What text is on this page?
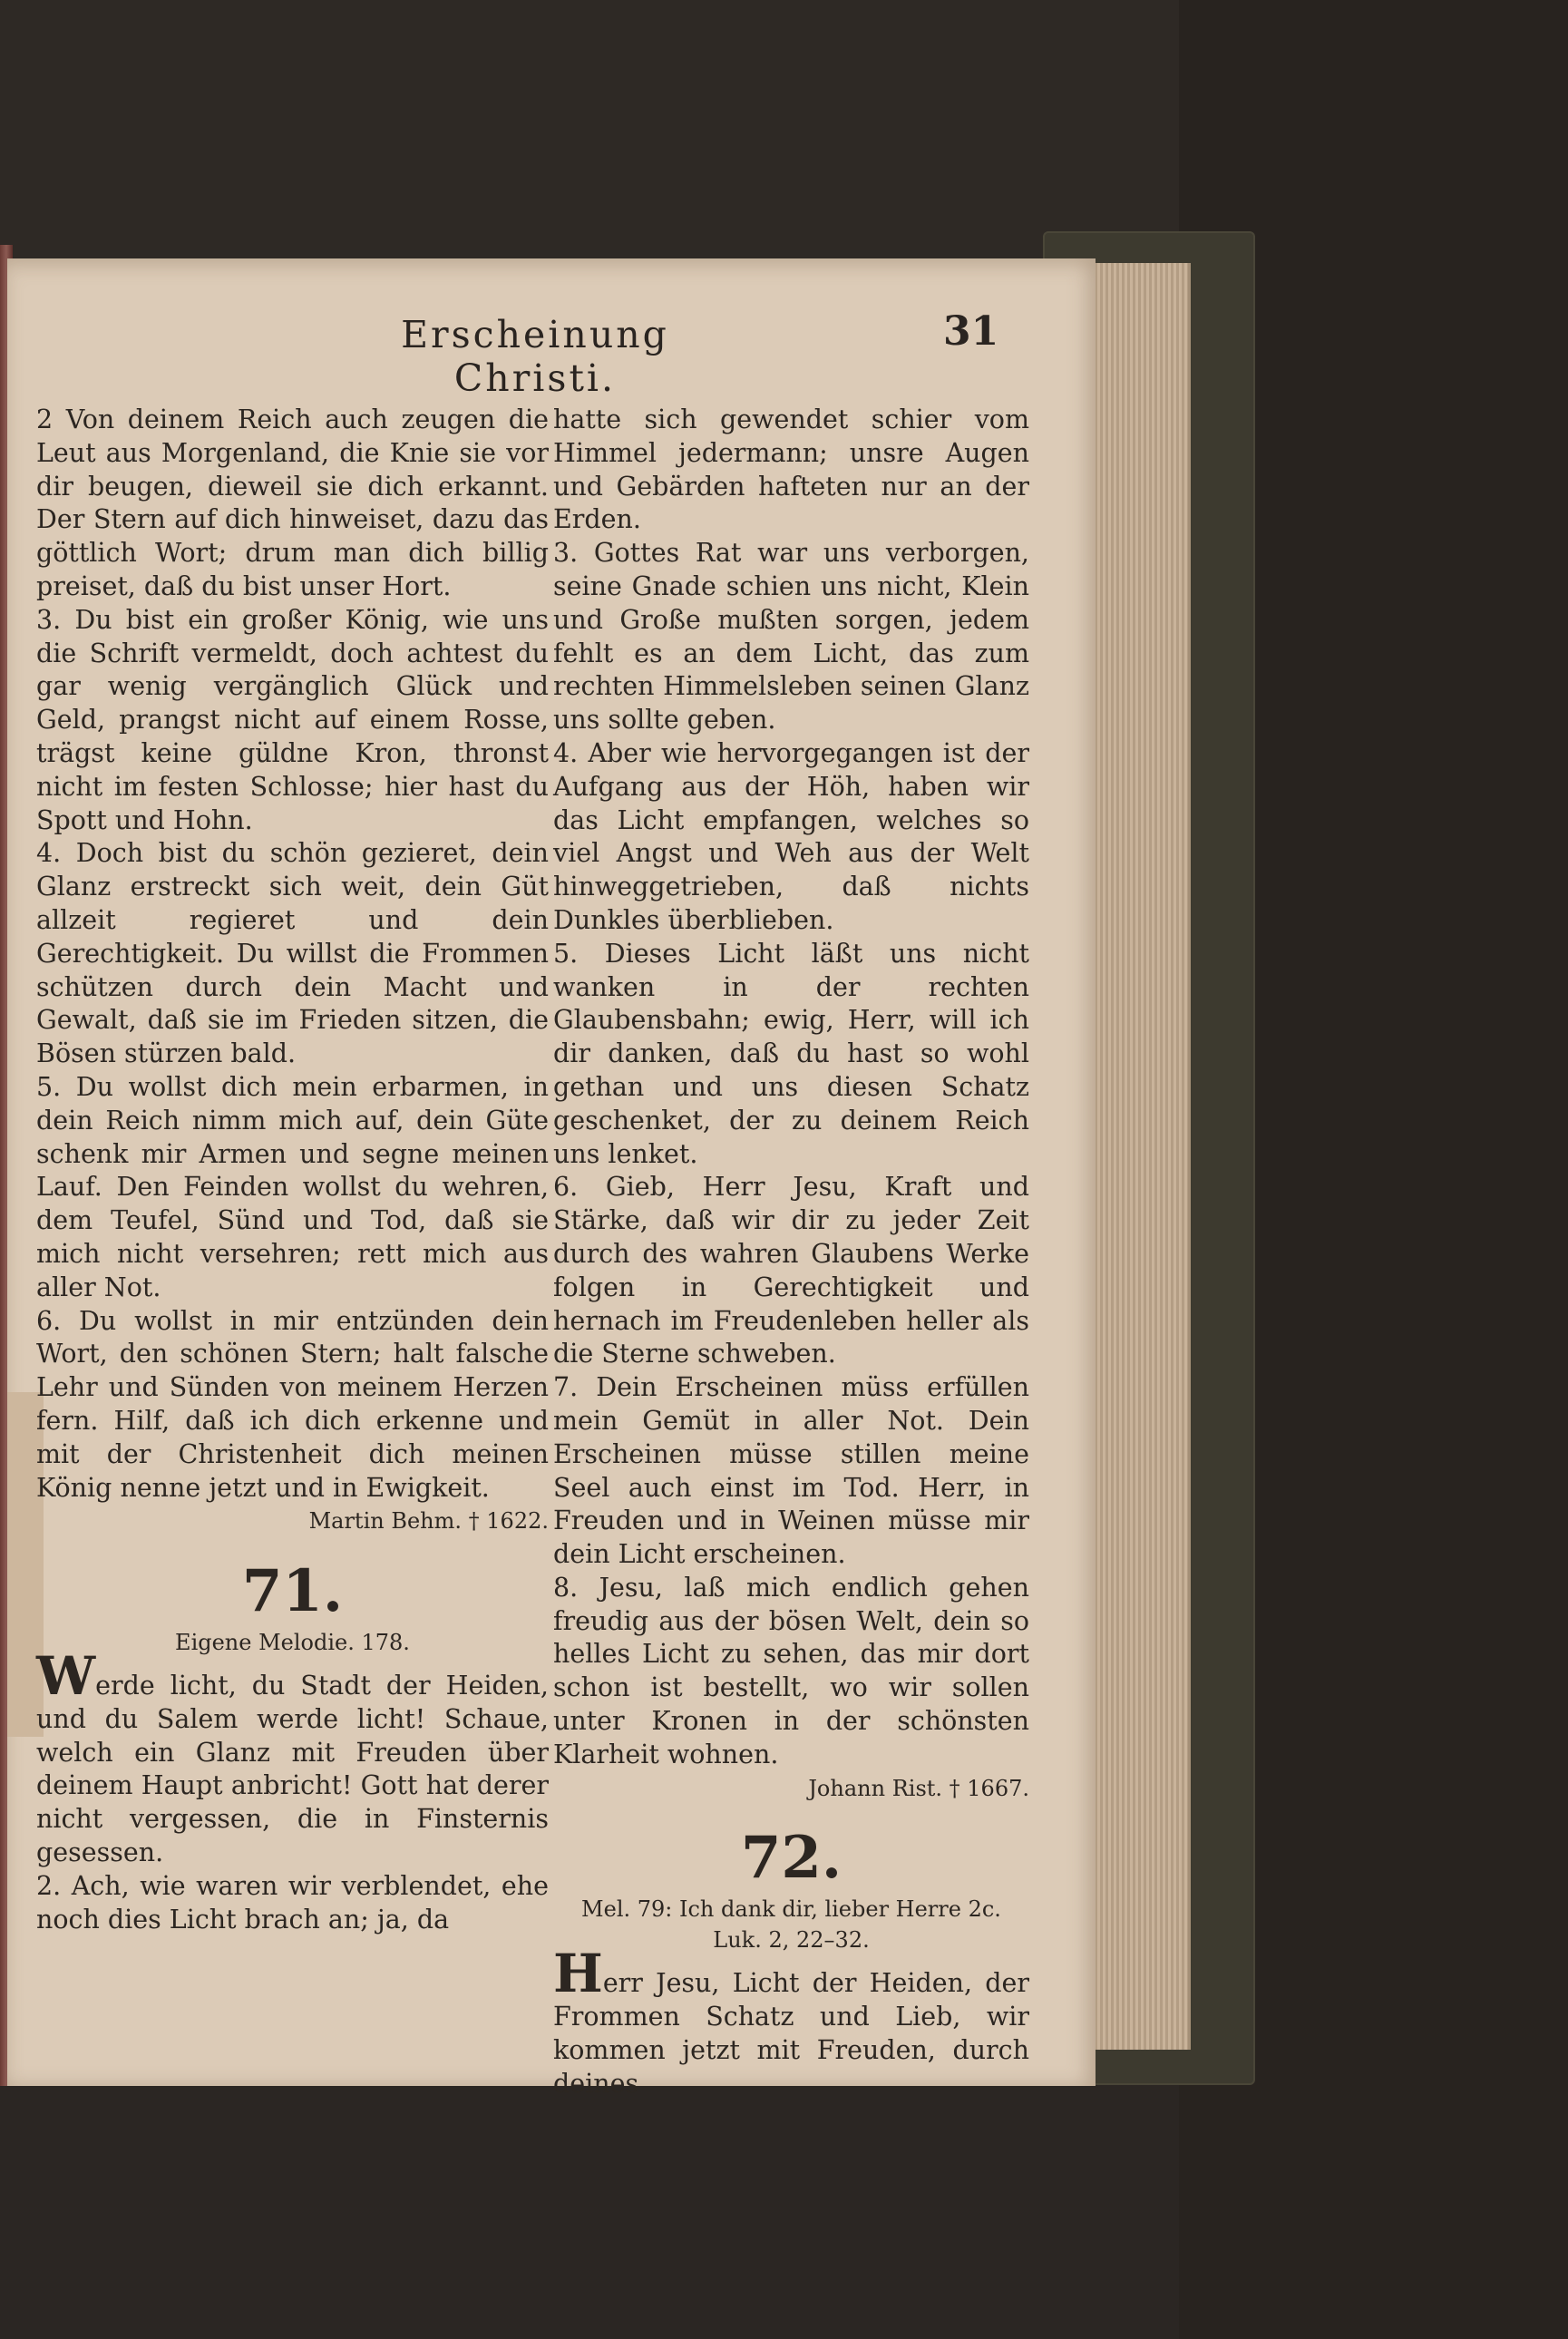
Erscheinung Christi.
31

2 Von deinem Reich auch zeugen die Leut aus Morgenland, die Knie sie vor dir beugen, dieweil sie dich erkannt. Der Stern auf dich hinweiset, dazu das göttlich Wort; drum man dich billig preiset, daß du bist unser Hort.

3. Du bist ein großer König, wie uns die Schrift vermeldt, doch achtest du gar wenig vergänglich Glück und Geld, prangst nicht auf einem Rosse, trägst keine güldne Kron, thronst nicht im festen Schlosse; hier hast du Spott und Hohn.

4. Doch bist du schön gezieret, dein Glanz erstreckt sich weit, dein Güt allzeit regieret und dein Gerechtigkeit. Du willst die Frommen schützen durch dein Macht und Gewalt, daß sie im Frieden sitzen, die Bösen stürzen bald.

5. Du wollst dich mein erbarmen, in dein Reich nimm mich auf, dein Güte schenk mir Armen und segne meinen Lauf. Den Feinden wollst du wehren, dem Teufel, Sünd und Tod, daß sie mich nicht versehren; rett mich aus aller Not.

6. Du wollst in mir entzünden dein Wort, den schönen Stern; halt falsche Lehr und Sünden von meinem Herzen fern. Hilf, daß ich dich erkenne und mit der Christenheit dich meinen König nenne jetzt und in Ewigkeit.

Martin Behm. † 1622.

71.

Eigene Melodie. 178.

Werde licht, du Stadt der Heiden, und du Salem werde licht! Schaue, welch ein Glanz mit Freuden über deinem Haupt anbricht! Gott hat derer nicht vergessen, die in Finsternis gesessen.

2. Ach, wie waren wir verblendet, ehe noch dies Licht brach an; ja, da

hatte sich gewendet schier vom Himmel jedermann; unsre Augen und Gebärden hafteten nur an der Erden.

3. Gottes Rat war uns verborgen, seine Gnade schien uns nicht, Klein und Große mußten sorgen, jedem fehlt es an dem Licht, das zum rechten Himmelsleben seinen Glanz uns sollte geben.

4. Aber wie hervorgegangen ist der Aufgang aus der Höh, haben wir das Licht empfangen, welches so viel Angst und Weh aus der Welt hinweggetrieben, daß nichts Dunkles überblieben.

5. Dieses Licht läßt uns nicht wanken in der rechten Glaubensbahn; ewig, Herr, will ich dir danken, daß du hast so wohl gethan und uns diesen Schatz geschenket, der zu deinem Reich uns lenket.

6. Gieb, Herr Jesu, Kraft und Stärke, daß wir dir zu jeder Zeit durch des wahren Glaubens Werke folgen in Gerechtigkeit und hernach im Freudenleben heller als die Sterne schweben.

7. Dein Erscheinen müss erfüllen mein Gemüt in aller Not. Dein Erscheinen müsse stillen meine Seel auch einst im Tod. Herr, in Freuden und in Weinen müsse mir dein Licht erscheinen.

8. Jesu, laß mich endlich gehen freudig aus der bösen Welt, dein so helles Licht zu sehen, das mir dort schon ist bestellt, wo wir sollen unter Kronen in der schönsten Klarheit wohnen.

Johann Rist. † 1667.

72.

Mel. 79: Ich dank dir, lieber Herre 2c.

Luk. 2, 22–32.

Herr Jesu, Licht der Heiden, der Frommen Schatz und Lieb, wir kommen jetzt mit Freuden, durch deines
